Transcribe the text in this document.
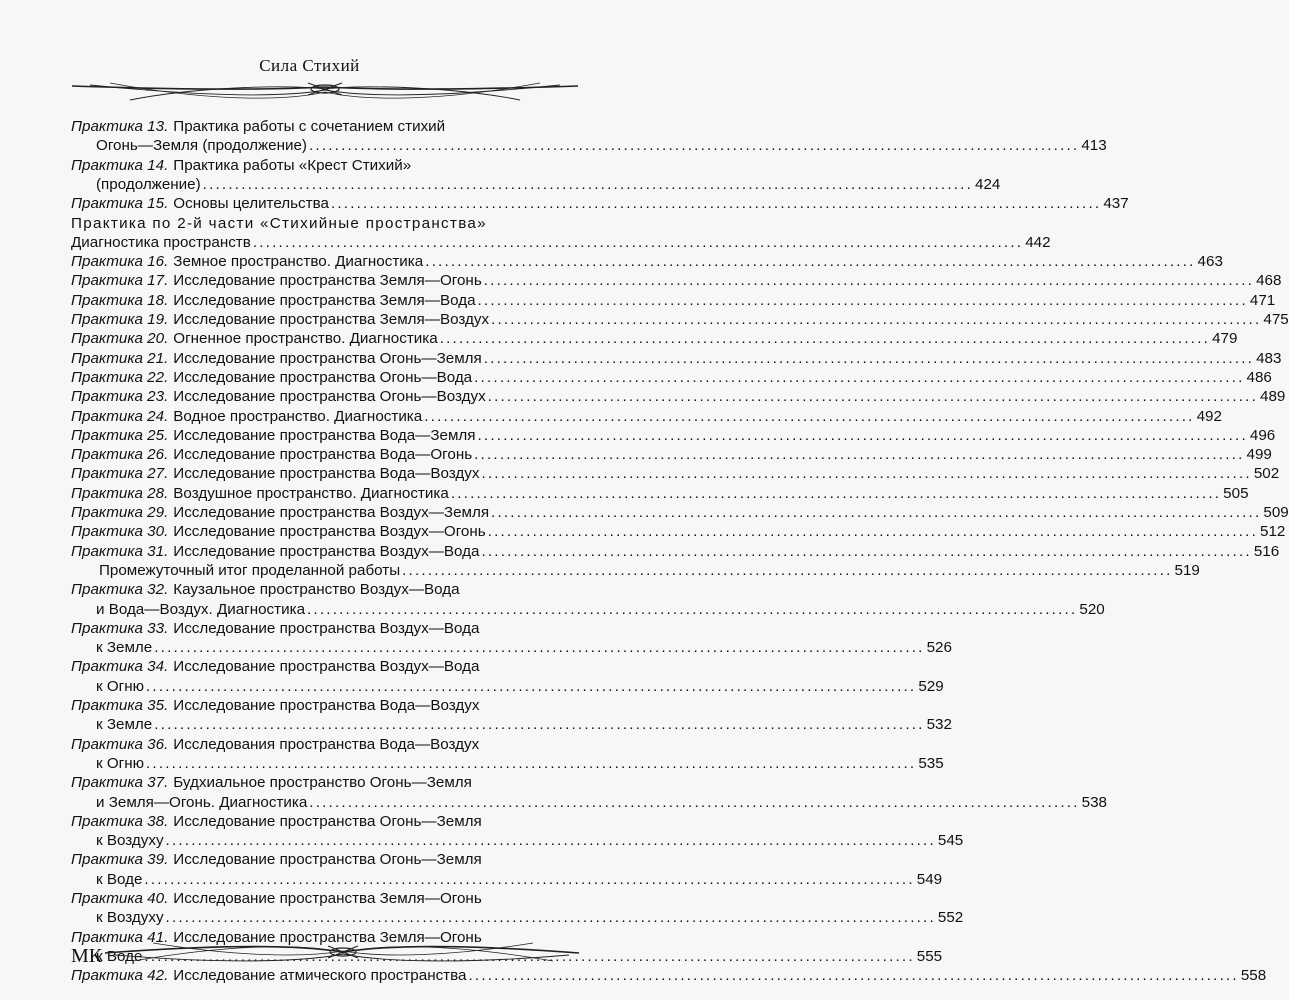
Сила Стихий
Практика 13. Практика работы с сочетанием стихий
Огонь—Земля (продолжение) ........................................................................................................................ 413
Практика 14. Практика работы «Крест Стихий»
(продолжение) ........................................................................................................................ 424
Практика 15. Основы целительства ........................................................................................................................ 437
Практика по 2-й части «Стихийные пространства»
Диагностика пространств ........................................................................................................................ 442
Практика 16. Земное пространство. Диагностика ........................................................................................................................ 463
Практика 17. Исследование пространства Земля—Огонь ........................................................................................................................ 468
Практика 18. Исследование пространства Земля—Вода ........................................................................................................................ 471
Практика 19. Исследование пространства Земля—Воздух ........................................................................................................................ 475
Практика 20. Огненное пространство. Диагностика ........................................................................................................................ 479
Практика 21. Исследование пространства Огонь—Земля ........................................................................................................................ 483
Практика 22. Исследование пространства Огонь—Вода ........................................................................................................................ 486
Практика 23. Исследование пространства Огонь—Воздух ........................................................................................................................ 489
Практика 24. Водное пространство. Диагностика ........................................................................................................................ 492
Практика 25. Исследование пространства Вода—Земля ........................................................................................................................ 496
Практика 26. Исследование пространства Вода—Огонь ........................................................................................................................ 499
Практика 27. Исследование пространства Вода—Воздух ........................................................................................................................ 502
Практика 28. Воздушное пространство. Диагностика ........................................................................................................................ 505
Практика 29. Исследование пространства Воздух—Земля ........................................................................................................................ 509
Практика 30. Исследование пространства Воздух—Огонь ........................................................................................................................ 512
Практика 31. Исследование пространства Воздух—Вода ........................................................................................................................ 516
Промежуточный итог проделанной работы ........................................................................................................................ 519
Практика 32. Каузальное пространство Воздух—Вода
и Вода—Воздух. Диагностика ........................................................................................................................ 520
Практика 33. Исследование пространства Воздух—Вода
к Земле ........................................................................................................................ 526
Практика 34. Исследование пространства Воздух—Вода
к Огню ........................................................................................................................ 529
Практика 35. Исследование пространства Вода—Воздух
к Земле ........................................................................................................................ 532
Практика 36. Исследования пространства Вода—Воздух
к Огню ........................................................................................................................ 535
Практика 37. Будхиальное пространство Огонь—Земля
и Земля—Огонь. Диагностика ........................................................................................................................ 538
Практика 38. Исследование пространства Огонь—Земля
к Воздуху ........................................................................................................................ 545
Практика 39. Исследование пространства Огонь—Земля
к Воде ........................................................................................................................ 549
Практика 40. Исследование пространства Земля—Огонь
к Воздуху ........................................................................................................................ 552
Практика 41. Исследование пространства Земля—Огонь
к Воде ........................................................................................................................ 555
Практика 42. Исследование атмического пространства ........................................................................................................................ 558
МК
